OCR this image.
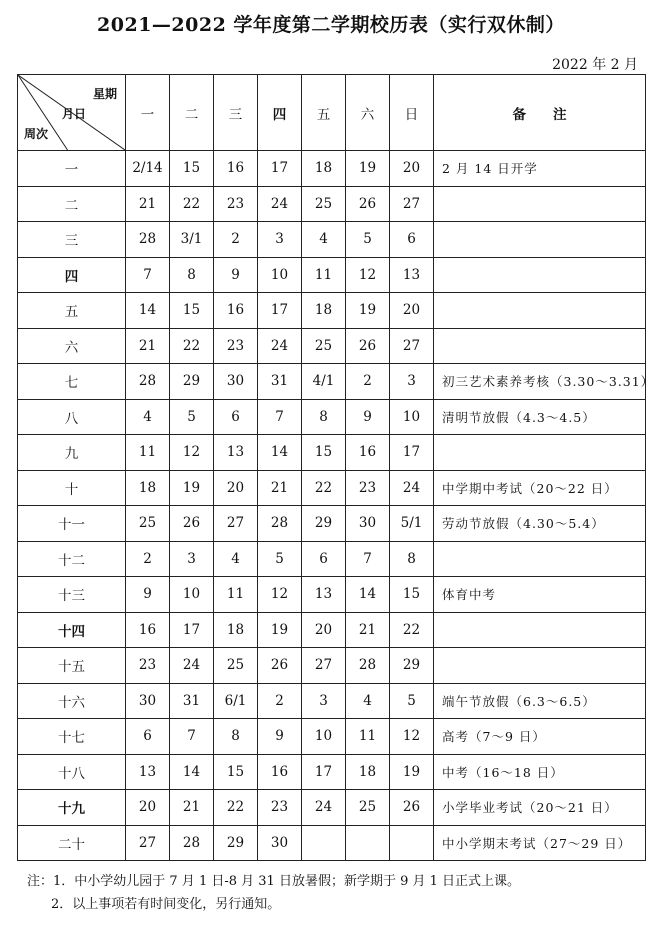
2021—2022 学年度第二学期校历表（实行双休制）
2022 年 2 月
星期
月日
周次	一	二	三	四	五	六	日	备　　注
一	2/14	15	16	17	18	19	20	2 月 14 日开学
二	21	22	23	24	25	26	27	
三	28	3/1	2	3	4	5	6	
四	7	8	9	10	11	12	13	
五	14	15	16	17	18	19	20	
六	21	22	23	24	25	26	27	
七	28	29	30	31	4/1	2	3	初三艺术素养考核（3.30～3.31）
八	4	5	6	7	8	9	10	清明节放假（4.3～4.5）
九	11	12	13	14	15	16	17	
十	18	19	20	21	22	23	24	中学期中考试（20～22 日）
十一	25	26	27	28	29	30	5/1	劳动节放假（4.30～5.4）
十二	2	3	4	5	6	7	8	
十三	9	10	11	12	13	14	15	体育中考
十四	16	17	18	19	20	21	22	
十五	23	24	25	26	27	28	29	
十六	30	31	6/1	2	3	4	5	端午节放假（6.3～6.5）
十七	6	7	8	9	10	11	12	高考（7～9 日）
十八	13	14	15	16	17	18	19	中考（16～18 日）
十九	20	21	22	23	24	25	26	小学毕业考试（20～21 日）
二十	27	28	29	30				中小学期末考试（27～29 日）
注：1．中小学幼儿园于 7 月 1 日-8 月 31 日放暑假；新学期于 9 月 1 日正式上课。
2．以上事项若有时间变化，另行通知。
